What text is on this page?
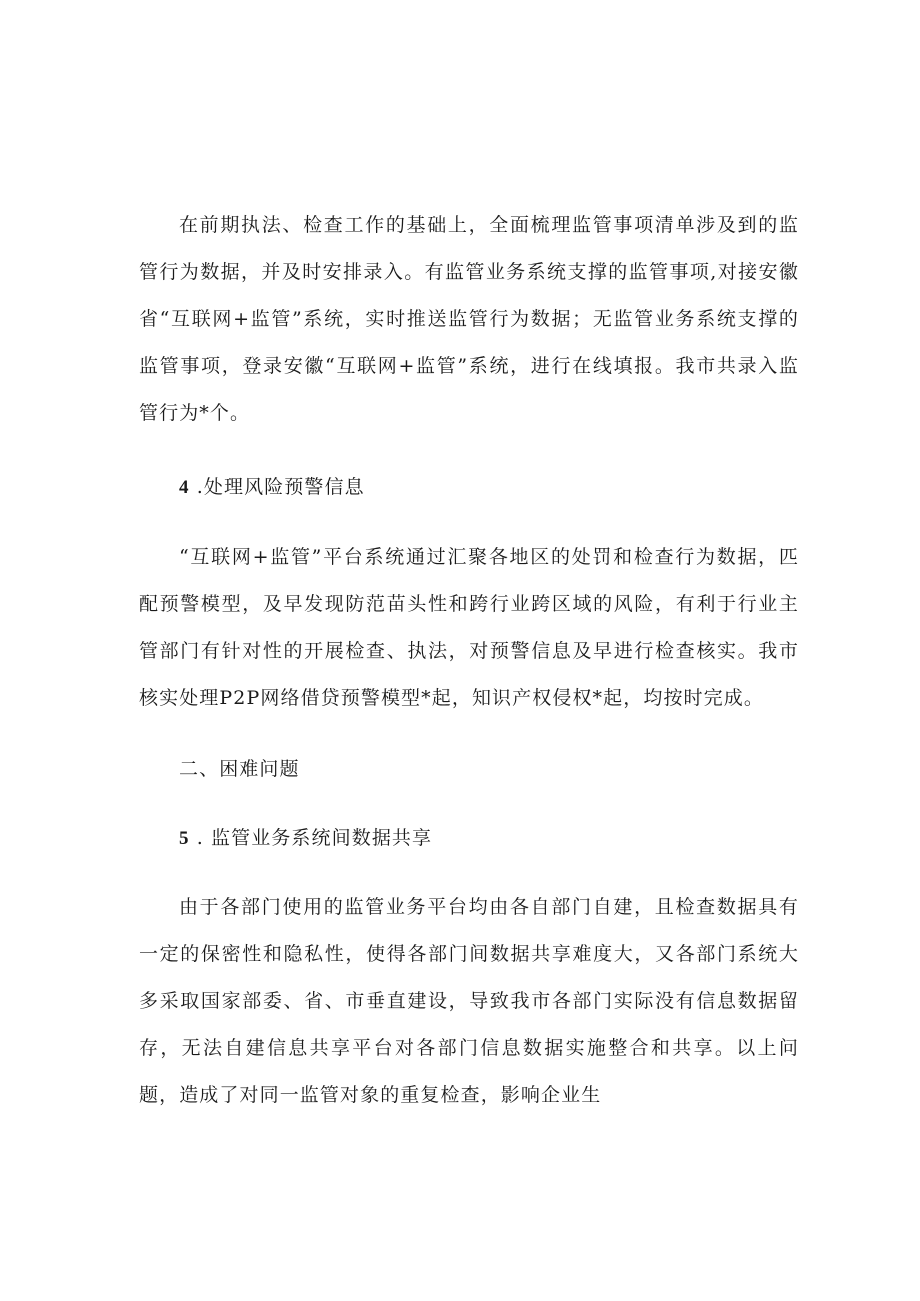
在前期执法、检查工作的基础上，全面梳理监管事项清单涉及到的监管行为数据，并及时安排录入。有监管业务系统支撑的监管事项,对接安徽省“互联网+监管”系统，实时推送监管行为数据；无监管业务系统支撑的监管事项，登录安徽“互联网+监管”系统，进行在线填报。我市共录入监管行为*个。

4 .处理风险预警信息

“互联网+监管”平台系统通过汇聚各地区的处罚和检查行为数据，匹配预警模型，及早发现防范苗头性和跨行业跨区域的风险，有利于行业主管部门有针对性的开展检查、执法，对预警信息及早进行检查核实。我市核实处理P2P网络借贷预警模型*起，知识产权侵权*起，均按时完成。

二、困难问题

5 . 监管业务系统间数据共享

由于各部门使用的监管业务平台均由各自部门自建，且检查数据具有一定的保密性和隐私性，使得各部门间数据共享难度大，又各部门系统大多采取国家部委、省、市垂直建设，导致我市各部门实际没有信息数据留存，无法自建信息共享平台对各部门信息数据实施整合和共享。以上问题，造成了对同一监管对象的重复检查，影响企业生
